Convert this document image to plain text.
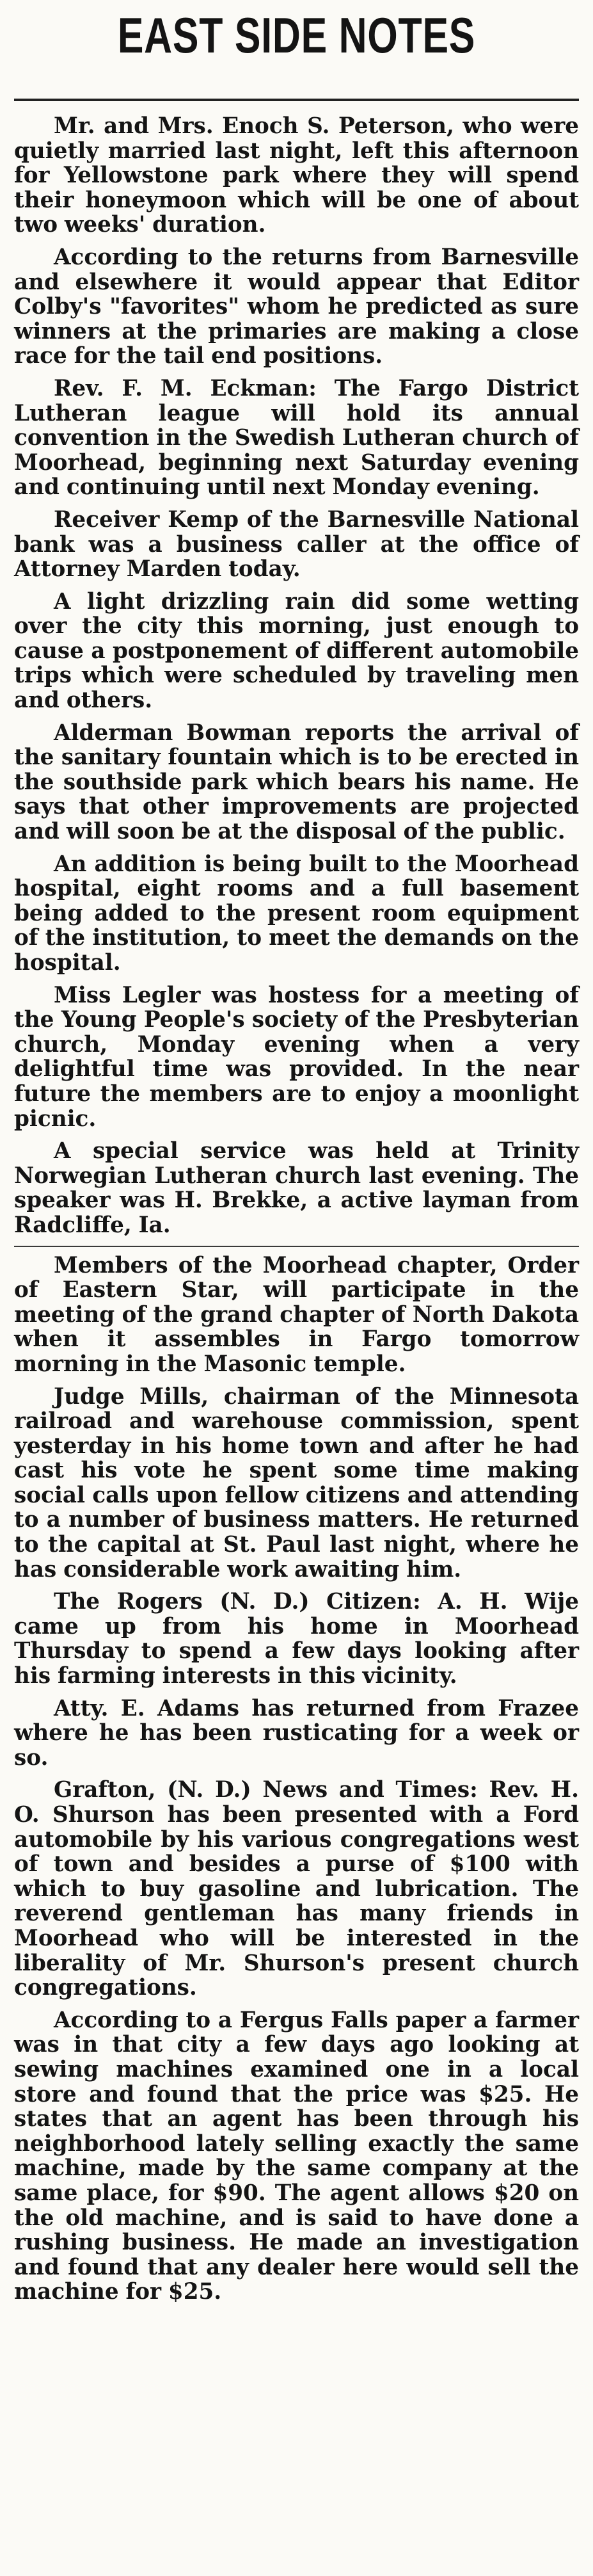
EAST SIDE NOTES

Mr. and Mrs. Enoch S. Peterson, who were quietly married last night, left this afternoon for Yellowstone park where they will spend their honeymoon which will be one of about two weeks' duration.

According to the returns from Barnesville and elsewhere it would appear that Editor Colby's "favorites" whom he predicted as sure winners at the primaries are making a close race for the tail end positions.

Rev. F. M. Eckman: The Fargo District Lutheran league will hold its annual convention in the Swedish Lutheran church of Moorhead, beginning next Saturday evening and continuing until next Monday evening.

Receiver Kemp of the Barnesville National bank was a business caller at the office of Attorney Marden today.

A light drizzling rain did some wetting over the city this morning, just enough to cause a postponement of different automobile trips which were scheduled by traveling men and others.

Alderman Bowman reports the arrival of the sanitary fountain which is to be erected in the southside park which bears his name. He says that other improvements are projected and will soon be at the disposal of the public.

An addition is being built to the Moorhead hospital, eight rooms and a full basement being added to the present room equipment of the institution, to meet the demands on the hospital.

Miss Legler was hostess for a meeting of the Young People's society of the Presbyterian church, Monday evening when a very delightful time was provided. In the near future the members are to enjoy a moonlight picnic.

A special service was held at Trinity Norwegian Lutheran church last evening. The speaker was H. Brekke, a active layman from Radcliffe, Ia.

Members of the Moorhead chapter, Order of Eastern Star, will participate in the meeting of the grand chapter of North Dakota when it assembles in Fargo tomorrow morning in the Masonic temple.

Judge Mills, chairman of the Minnesota railroad and warehouse commission, spent yesterday in his home town and after he had cast his vote he spent some time making social calls upon fellow citizens and attending to a number of business matters. He returned to the capital at St. Paul last night, where he has considerable work awaiting him.

The Rogers (N. D.) Citizen: A. H. Wije came up from his home in Moorhead Thursday to spend a few days looking after his farming interests in this vicinity.

Atty. E. Adams has returned from Frazee where he has been rusticating for a week or so.

Grafton, (N. D.) News and Times: Rev. H. O. Shurson has been presented with a Ford automobile by his various congregations west of town and besides a purse of $100 with which to buy gasoline and lubrication. The reverend gentleman has many friends in Moorhead who will be interested in the liberality of Mr. Shurson's present church congregations.

According to a Fergus Falls paper a farmer was in that city a few days ago looking at sewing machines examined one in a local store and found that the price was $25. He states that an agent has been through his neighborhood lately selling exactly the same machine, made by the same company at the same place, for $90. The agent allows $20 on the old machine, and is said to have done a rushing business. He made an investigation and found that any dealer here would sell the machine for $25.
